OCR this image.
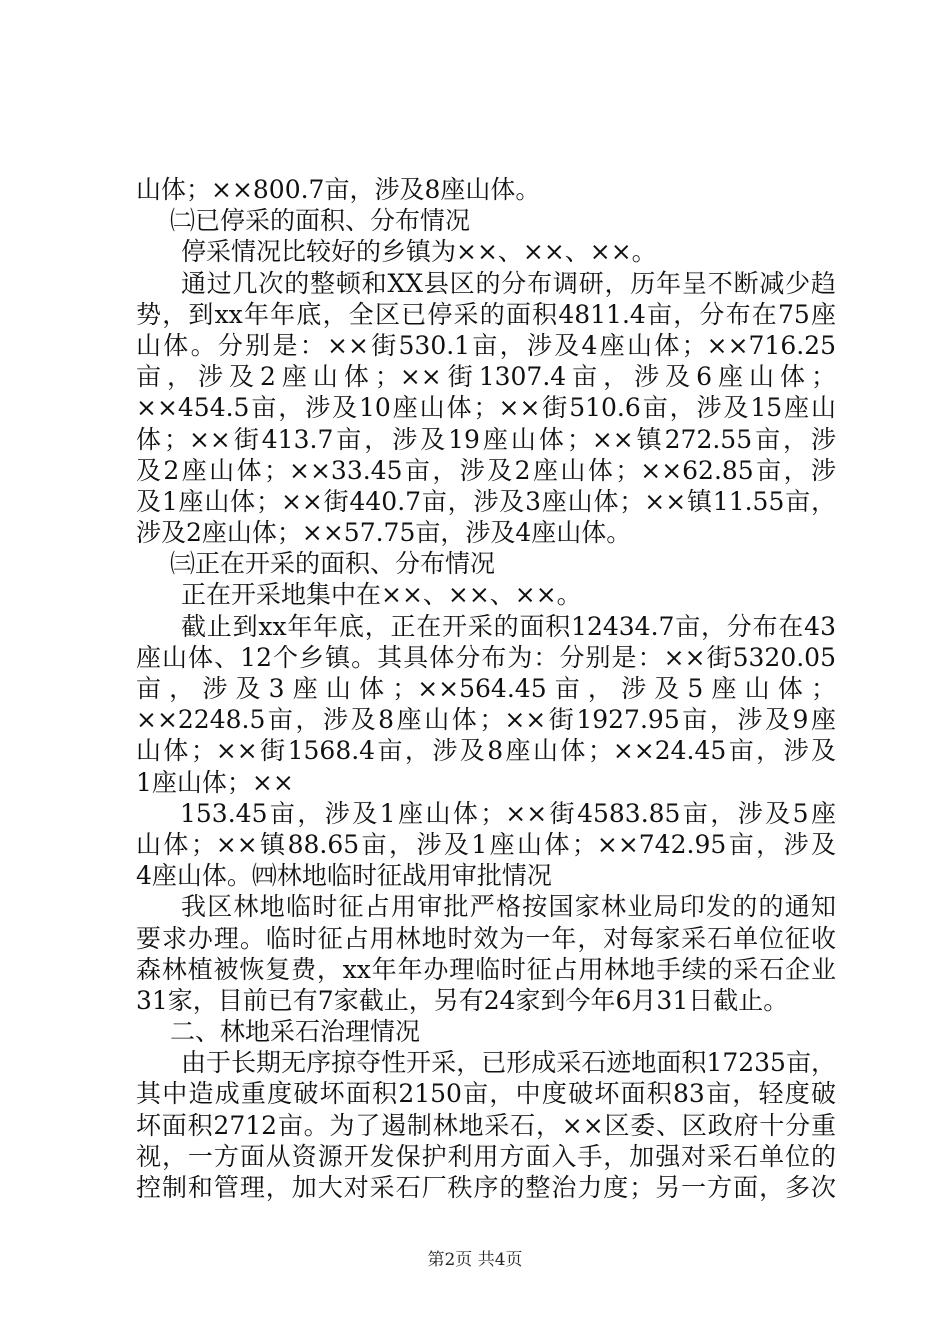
山体；××800.7亩，涉及8座山体。
㈡已停采的面积、分布情况
停采情况比较好的乡镇为××、××、××。
通过几次的整顿和XX县区的分布调研，历年呈不断减少趋
势，到xx年年底，全区已停采的面积4811.4亩，分布在75座
山体。分别是：××街530.1亩，涉及4座山体；××716.25
亩，涉及2座山体；××街1307.4亩，涉及6座山体；
××454.5亩，涉及10座山体；××街510.6亩，涉及15座山
体；××街413.7亩，涉及19座山体；××镇272.55亩，涉
及2座山体；××33.45亩，涉及2座山体；××62.85亩，涉
及1座山体；××街440.7亩，涉及3座山体；××镇11.55亩，
涉及2座山体；××57.75亩，涉及4座山体。
㈢正在开采的面积、分布情况
正在开采地集中在××、××、××。
截止到xx年年底，正在开采的面积12434.7亩，分布在43
座山体、12个乡镇。其具体分布为：分别是：××街5320.05
亩，涉及3座山体；××564.45亩，涉及5座山体；
××2248.5亩，涉及8座山体；××街1927.95亩，涉及9座
山体；××街1568.4亩，涉及8座山体；××24.45亩，涉及
1座山体；××
153.45亩，涉及1座山体；××街4583.85亩，涉及5座
山体；××镇88.65亩，涉及1座山体；××742.95亩，涉及
4座山体。㈣林地临时征战用审批情况
我区林地临时征占用审批严格按国家林业局印发的的通知
要求办理。临时征占用林地时效为一年，对每家采石单位征收
森林植被恢复费，xx年年办理临时征占用林地手续的采石企业
31家，目前已有7家截止，另有24家到今年6月31日截止。
二、林地采石治理情况
由于长期无序掠夺性开采，已形成采石迹地面积17235亩，
其中造成重度破坏面积2150亩，中度破坏面积83亩，轻度破
坏面积2712亩。为了遏制林地采石，××区委、区政府十分重
视，一方面从资源开发保护利用方面入手，加强对采石单位的
控制和管理，加大对采石厂秩序的整治力度；另一方面，多次
第2页 共4页
